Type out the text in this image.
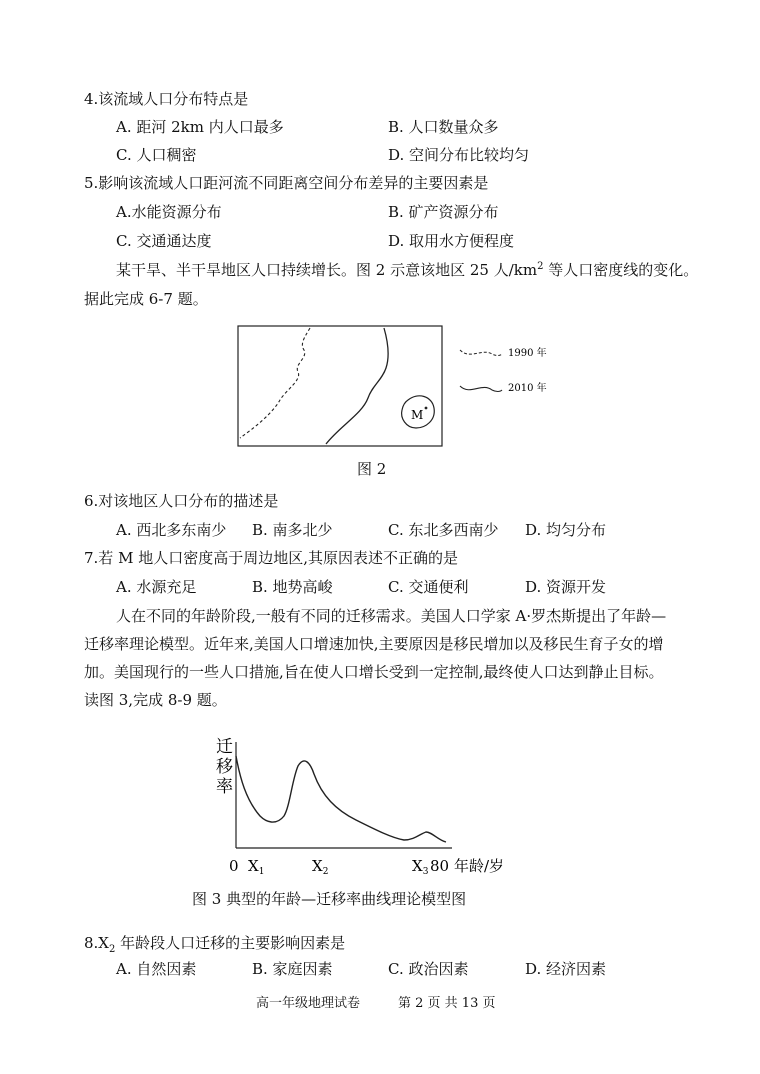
4.该流域人口分布特点是
A. 距河 2km 内人口最多	B. 人口数量众多
C. 人口稠密	D. 空间分布比较均匀
5.影响该流域人口距河流不同距离空间分布差异的主要因素是
A.水能资源分布	B. 矿产资源分布
C. 交通通达度	D. 取用水方便程度
某干旱、半干旱地区人口持续增长。图 2 示意该地区 25 人$/km^2$ 等人口密度线的变化。
据此完成 6-7 题。
M
1990 年
2010 年
图 2
6.对该地区人口分布的描述是
A. 西北多东南少 B. 南多北少	C. 东北多西南少 D. 均匀分布
7.若 M 地人口密度高于周边地区,其原因表述不正确的是
A. 水源充足	B. 地势高峻	C. 交通便利	D. 资源开发
人在不同的年龄阶段,一般有不同的迁移需求。美国人口学家 A·罗杰斯提出了年龄—
迁移率理论模型。近年来,美国人口增速加快,主要原因是移民增加以及移民生育子女的增
加。美国现行的一些人口措施,旨在使人口增长受到一定控制,最终使人口达到静止目标。
读图 3,完成 8-9 题。
迁
移
率
0 $X_1$	$X_2$	$X_3$ 80 年龄/岁
图 3 典型的年龄—迁移率曲线理论模型图
$8.X_2$ 年龄段人口迁移的主要影响因素是
A. 自然因素	B. 家庭因素	C. 政治因素	D. 经济因素
高一年级地理试卷	第 2 页 共 13 页
